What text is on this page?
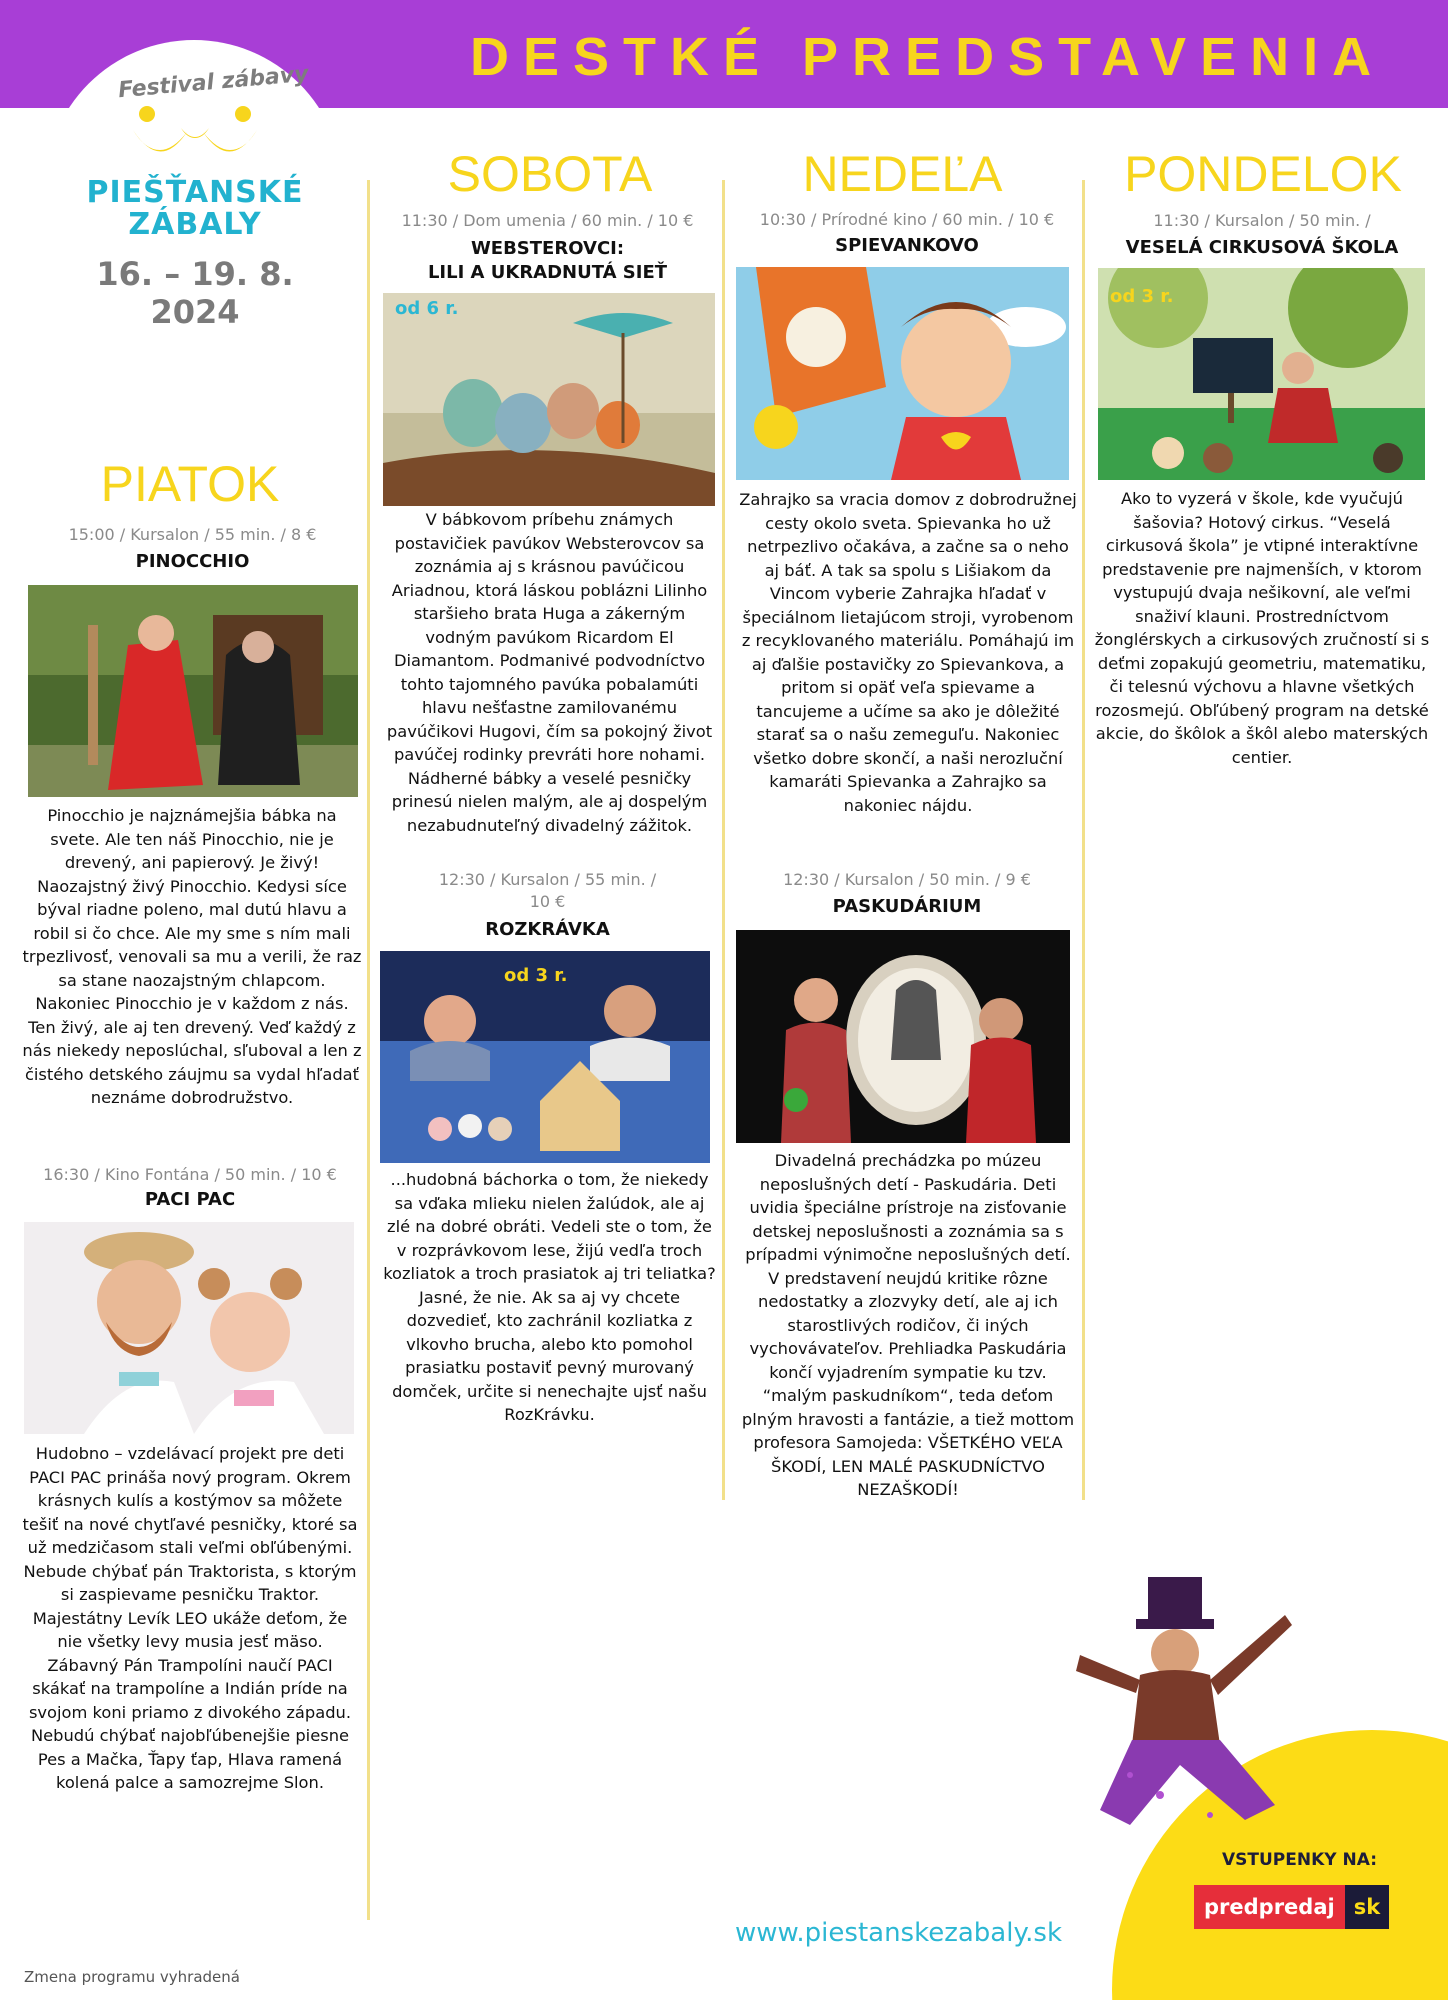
DESTKÉ PREDSTAVENIA
Festival zábavy
PIEŠŤANSKÉ
ZÁBALY
16. – 19. 8.
2024
PIATOK
SOBOTA	NEDEĽA	PONDELOK
15:00 / Kursalon / 55 min. / 8 €
PINOCCHIO
Pinocchio je najznámejšia bábka na svete. Ale ten náš Pinocchio, nie je drevený, ani papierový. Je živý! Naozajstný živý Pinocchio. Kedysi síce býval riadne poleno, mal dutú hlavu a robil si čo chce. Ale my sme s ním mali trpezlivosť, venovali sa mu a verili, že raz sa stane naozajstným chlapcom. Nakoniec Pinocchio je v každom z nás. Ten živý, ale aj ten drevený. Veď každý z nás niekedy neposlúchal, sľuboval a len z čistého detského záujmu sa vydal hľadať neznáme dobrodružstvo.
16:30 / Kino Fontána / 50 min. / 10 €
PACI PAC
Hudobno – vzdelávací projekt pre deti PACI PAC prináša nový program. Okrem krásnych kulís a kostýmov sa môžete tešiť na nové chytľavé pesničky, ktoré sa už medzičasom stali veľmi obľúbenými. Nebude chýbať pán Traktorista, s ktorým si zaspievame pesničku Traktor. Majestátny Levík LEO ukáže deťom, že nie všetky levy musia jesť mäso. Zábavný Pán Trampolíni naučí PACI skákať na trampolíne a Indián príde na svojom koni priamo z divokého západu. Nebudú chýbať najobľúbenejšie piesne Pes a Mačka, Ťapy ťap, Hlava ramená kolená palce a samozrejme Slon.
11:30 / Dom umenia / 60 min. / 10 €
WEBSTEROVCI:
LILI A UKRADNUTÁ SIEŤ
od 6 r.
V bábkovom príbehu známych postavičiek pavúkov Websterovcov sa zoznámia aj s krásnou pavúčicou Ariadnou, ktorá láskou poblázni Lilinho staršieho brata Huga a zákerným vodným pavúkom Ricardom El Diamantom. Podmanivé podvodníctvo tohto tajomného pavúka pobalamúti hlavu nešťastne zamilovanému pavúčikovi Hugovi, čím sa pokojný život pavúčej rodinky prevráti hore nohami. Nádherné bábky a veselé pesničky prinesú nielen malým, ale aj dospelým nezabudnuteľný divadelný zážitok.
12:30 / Kursalon / 55 min. /
10 €
ROZKRÁVKA
od 3 r.
...hudobná báchorka o tom, že niekedy sa vďaka mlieku nielen žalúdok, ale aj zlé na dobré obráti. Vedeli ste o tom, že v rozprávkovom lese, žijú vedľa troch kozliatok a troch prasiatok aj tri teliatka? Jasné, že nie. Ak sa aj vy chcete dozvedieť, kto zachránil kozliatka z vlkovho brucha, alebo kto pomohol prasiatku postaviť pevný murovaný domček, určite si nenechajte ujsť našu RozKrávku.
10:30 / Prírodné kino / 60 min. / 10 €
SPIEVANKOVO
Zahrajko sa vracia domov z dobrodružnej cesty okolo sveta. Spievanka ho už netrpezlivo očakáva, a začne sa o neho aj báť. A tak sa spolu s Lišiakom da Vincom vyberie Zahrajka hľadať v špeciálnom lietajúcom stroji, vyrobenom z recyklovaného materiálu. Pomáhajú im aj ďalšie postavičky zo Spievankova, a pritom si opäť veľa spievame a tancujeme a učíme sa ako je dôležité starať sa o našu zemeguľu. Nakoniec všetko dobre skončí, a naši nerozluční kamaráti Spievanka a Zahrajko sa nakoniec nájdu.
12:30 / Kursalon / 50 min. / 9 €
PASKUDÁRIUM
Divadelná prechádzka po múzeu neposlušných detí - Paskudária. Deti uvidia špeciálne prístroje na zisťovanie detskej neposlušnosti a zoznámia sa s prípadmi výnimočne neposlušných detí. V predstavení neujdú kritike rôzne nedostatky a zlozvyky detí, ale aj ich starostlivých rodičov, či iných vychovávateľov. Prehliadka Paskudária končí vyjadrením sympatie ku tzv. “malým paskudníkom“, teda deťom plným hravosti a fantázie, a tiež mottom profesora Samojeda: VŠETKÉHO VEĽA ŠKODÍ, LEN MALÉ PASKUDNÍCTVO NEZAŠKODÍ!
11:30 / Kursalon / 50 min. /
VESELÁ CIRKUSOVÁ ŠKOLA
od 3 r.
Ako to vyzerá v škole, kde vyučujú šašovia? Hotový cirkus. “Veselá cirkusová škola” je vtipné interaktívne predstavenie pre najmenších, v ktorom vystupujú dvaja nešikovní, ale veľmi snaživí klauni. Prostredníctvom žonglérskych a cirkusových zručností si s deťmi zopakujú geometriu, matematiku, či telesnú výchovu a hlavne všetkých rozosmejú. Obľúbený program na detské akcie, do škôlok a škôl alebo materských centier.
VSTUPENKY NA:
predpredaj sk
www.piestanskezabaly.sk
Zmena programu vyhradená
